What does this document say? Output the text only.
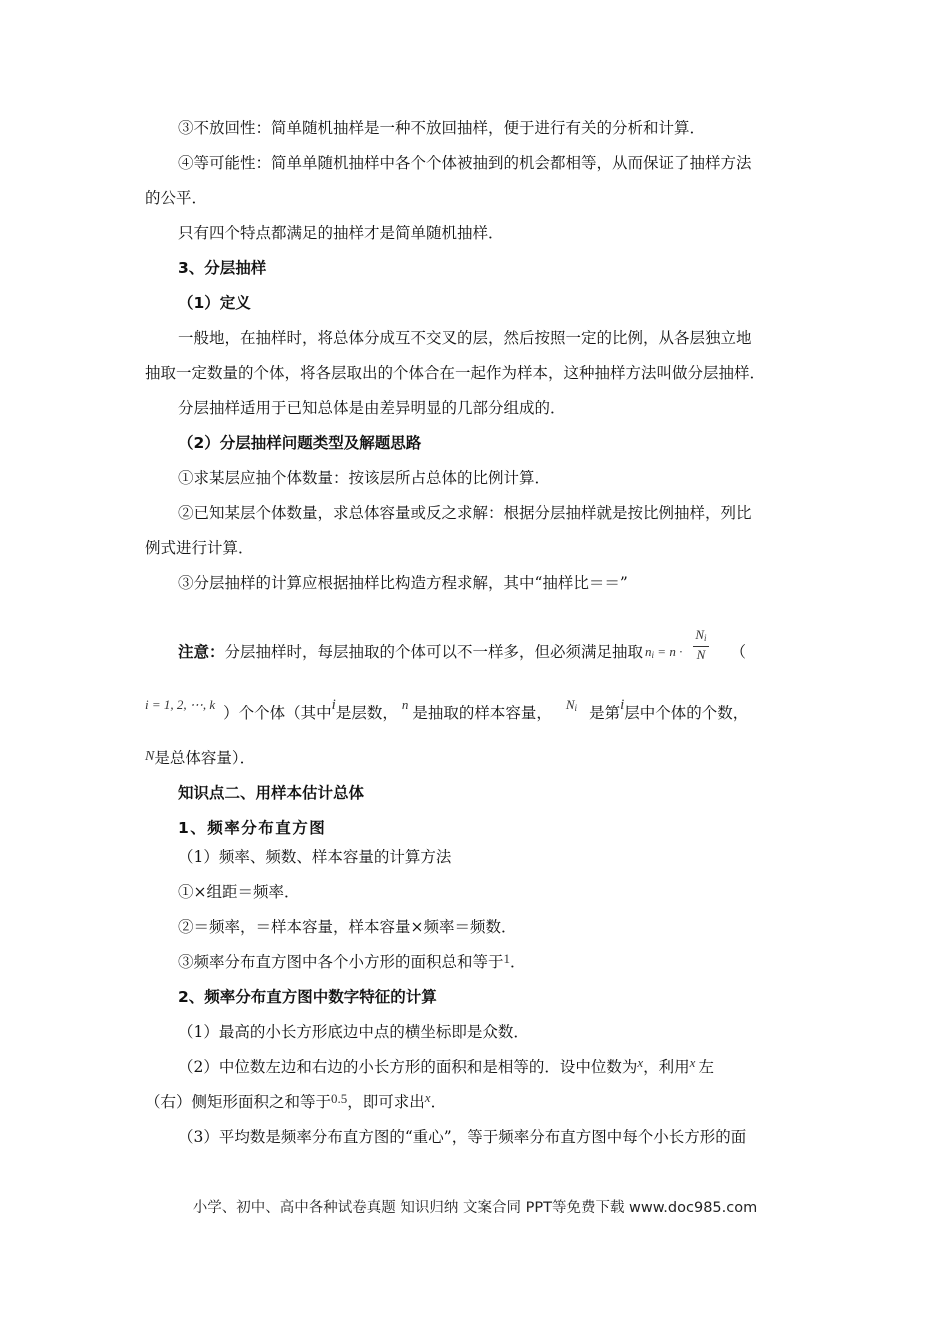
③不放回性：简单随机抽样是一种不放回抽样，便于进行有关的分析和计算．
④等可能性：简单单随机抽样中各个个体被抽到的机会都相等，从而保证了抽样方法
的公平．
只有四个特点都满足的抽样才是简单随机抽样．
3、分层抽样
（1）定义
一般地，在抽样时，将总体分成互不交叉的层，然后按照一定的比例，从各层独立地
抽取一定数量的个体，将各层取出的个体合在一起作为样本，这种抽样方法叫做分层抽样．
分层抽样适用于已知总体是由差异明显的几部分组成的．
（2）分层抽样问题类型及解题思路
①求某层应抽个体数量：按该层所占总体的比例计算．
②已知某层个体数量，求总体容量或反之求解：根据分层抽样就是按比例抽样，列比
例式进行计算．
③分层抽样的计算应根据抽样比构造方程求解，其中“抽样比＝＝”
注意：分层抽样时，每层抽取的个体可以不一样多，但必须满足抽取 $n_i = n \cdot \frac{N_i}{N}$ （
$^{i = 1, 2, \cdots, k}$ ）个个体（其中i是层数， $^n$ 是抽取的样本容量， $^{N_i}$ 是第i层中个体的个数，
N是总体容量）．
知识点二、用样本估计总体
1、频率分布直方图
（1）频率、频数、样本容量的计算方法
①×组距＝频率．
②＝频率，＝样本容量，样本容量×频率＝频数．
③频率分布直方图中各个小方形的面积总和等于$^1$．
2、频率分布直方图中数字特征的计算
（1）最高的小长方形底边中点的横坐标即是众数．
（2）中位数左边和右边的小长方形的面积和是相等的．设中位数为$^x$，利用$^x$ 左
（右）侧矩形面积之和等于$^{0.5}$，即可求出$^x$．
（3）平均数是频率分布直方图的“重心”，等于频率分布直方图中每个小长方形的面
小学、初中、高中各种试卷真题 知识归纳 文案合同 PPT等免费下载 www.doc985.com
